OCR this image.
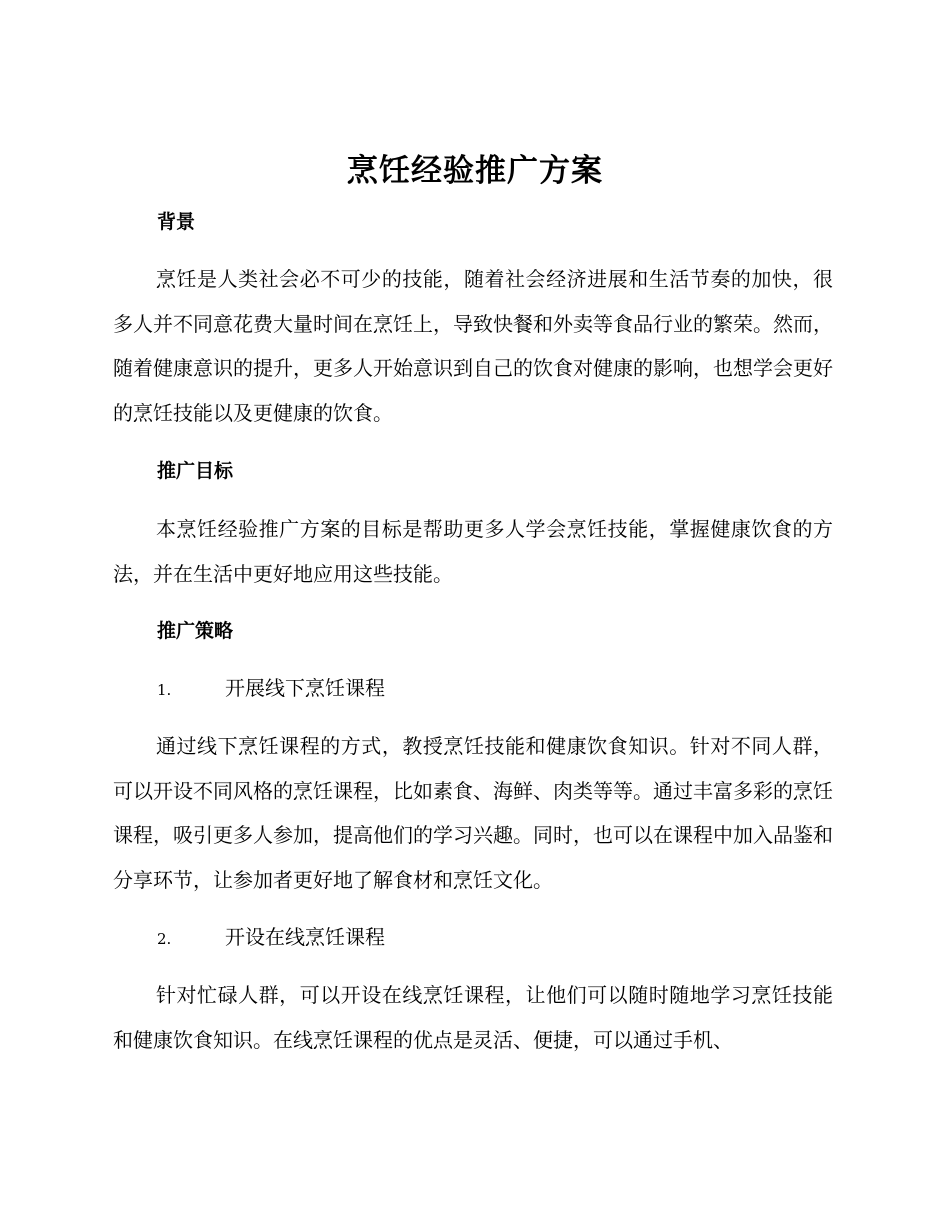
烹饪经验推广方案
背景

烹饪是人类社会必不可少的技能，随着社会经济进展和生活节奏的加快，很多人并不同意花费大量时间在烹饪上，导致快餐和外卖等食品行业的繁荣。然而，随着健康意识的提升，更多人开始意识到自己的饮食对健康的影响，也想学会更好的烹饪技能以及更健康的饮食。

推广目标

本烹饪经验推广方案的目标是帮助更多人学会烹饪技能，掌握健康饮食的方法，并在生活中更好地应用这些技能。

推广策略
1.	开展线下烹饪课程

通过线下烹饪课程的方式，教授烹饪技能和健康饮食知识。针对不同人群，可以开设不同风格的烹饪课程，比如素食、海鲜、肉类等等。通过丰富多彩的烹饪课程，吸引更多人参加，提高他们的学习兴趣。同时，也可以在课程中加入品鉴和分享环节，让参加者更好地了解食材和烹饪文化。

2.	开设在线烹饪课程

针对忙碌人群，可以开设在线烹饪课程，让他们可以随时随地学习烹饪技能和健康饮食知识。在线烹饪课程的优点是灵活、便捷，可以通过手机、
